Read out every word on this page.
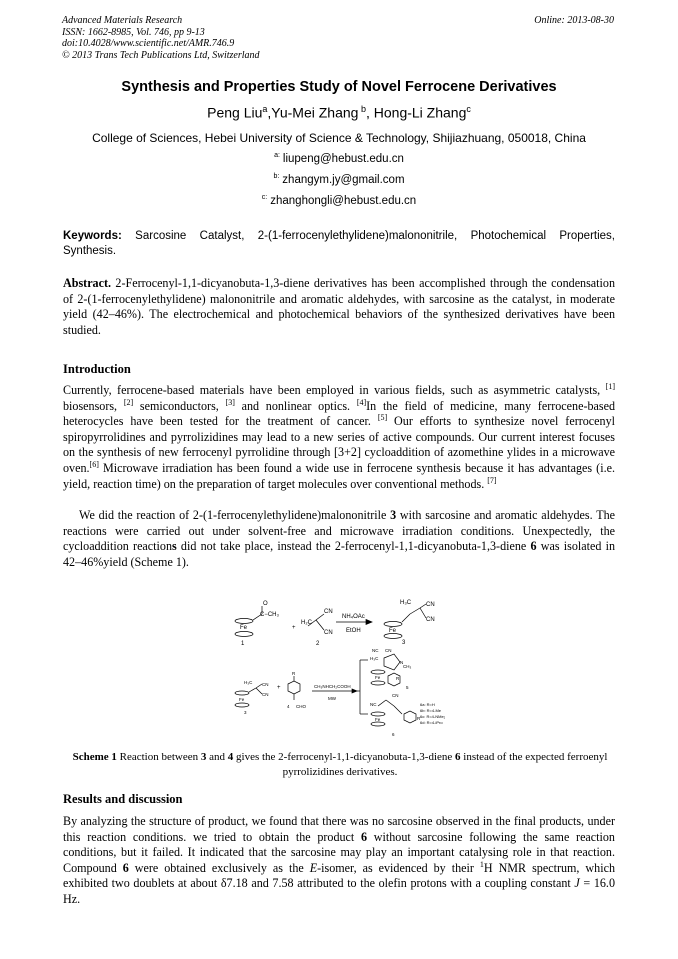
Advanced Materials Research
ISSN: 1662-8985, Vol. 746, pp 9-13
doi:10.4028/www.scientific.net/AMR.746.9
© 2013 Trans Tech Publications Ltd, Switzerland
Online: 2013-08-30
Synthesis and Properties Study of Novel Ferrocene Derivatives
Peng Liu$^a$,Yu-Mei Zhang $^b$, Hong-Li Zhang$^c$
College of Sciences, Hebei University of Science & Technology, Shijiazhuang, 050018, China
$^{a:}$ liupeng@hebust.edu.cn
$^{b:}$ zhangym.jy@gmail.com
$^{c:}$ zhanghongli@hebust.edu.cn
Keywords: Sarcosine Catalyst, 2-(1-ferrocenylethylidene)malononitrile, Photochemical Properties, Synthesis.
Abstract. 2-Ferrocenyl-1,1-dicyanobuta-1,3-diene derivatives has been accomplished through the condensation of 2-(1-ferrocenylethylidene) malononitrile and aromatic aldehydes, with sarcosine as the catalyst, in moderate yield (42–46%). The electrochemical and photochemical behaviors of the synthesized derivatives have been studied.
Introduction
Currently, ferrocene-based materials have been employed in various fields, such as asymmetric catalysts, [1] biosensors, [2] semiconductors, [3] and nonlinear optics. [4]In the field of medicine, many ferrocene-based heterocycles have been tested for the treatment of cancer. [5] Our efforts to synthesize novel ferrocenyl spiropyrrolidines and pyrrolizidines may lead to a new series of active compounds. Our current interest focuses on the synthesis of new ferrocenyl pyrrolidine through [3+2] cycloaddition of azomethine ylides in a microwave oven.[6] Microwave irradiation has been found a wide use in ferrocene synthesis because it has advantages (i.e. yield, reaction time) on the preparation of target molecules over conventional methods. [7]
We did the reaction of 2-(1-ferrocenylethylidene)malononitrile 3 with sarcosine and aromatic aldehydes. The reactions were carried out under solvent-free and microwave irradiation conditions. Unexpectedly, the cycloaddition reactions did not take place, instead the 2-ferrocenyl-1,1-dicyanobuta-1,3-diene 6 was isolated in 42–46%yield (Scheme 1).
O
C−CH₃
Fe
1
+
H₂C
CN
CN
2
NH₄OAc
EtOH
H₃C CN
CN
Fe
3
H₃C CN
CN
Fe
3
+
R
CHO
4
CH₃NHCH₂COOH
MW
NC CN
H₃C
N
CH₃
Fe	R
5
NC
CN
Fe	R
6
6a: R=H
6b: R=4-Me
6c: R=4-NMe₂
6d: R=4-iPro
Scheme 1 Reaction between 3 and 4 gives the 2-ferrocenyl-1,1-dicyanobuta-1,3-diene 6 instead of the expected ferroenyl pyrrolizidines derivatives.
Results and discussion
By analyzing the structure of product, we found that there was no sarcosine observed in the final products, under this reaction conditions. we tried to obtain the product 6 without sarcosine following the same reaction conditions, but it failed. It indicated that the sarcosine may play an important catalysing role in that reaction. Compound 6 were obtained exclusively as the E-isomer, as evidenced by their $^1$H NMR spectrum, which exhibited two doublets at about δ7.18 and 7.58 attributed to the olefin protons with a coupling constant J = 16.0 Hz.
